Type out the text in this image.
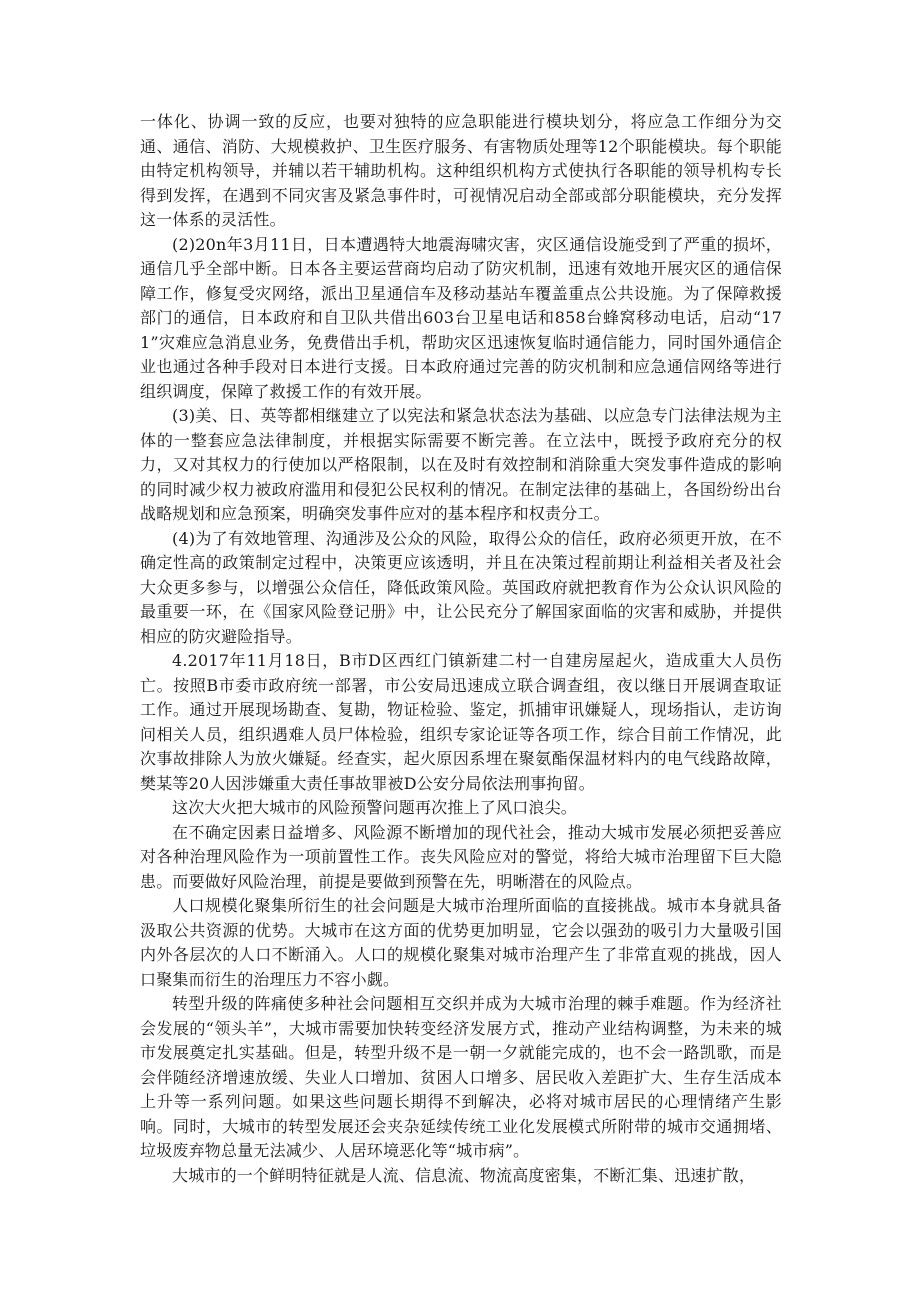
一体化、协调一致的反应，也要对独特的应急职能进行模块划分，将应急工作细分为交通、通信、消防、大规模救护、卫生医疗服务、有害物质处理等12个职能模块。每个职能由特定机构领导，并辅以若干辅助机构。这种组织机构方式使执行各职能的领导机构专长得到发挥，在遇到不同灾害及紧急事件时，可视情况启动全部或部分职能模块，充分发挥这一体系的灵活性。

(2)20n年3月11日，日本遭遇特大地震海啸灾害，灾区通信设施受到了严重的损坏，通信几乎全部中断。日本各主要运营商均启动了防灾机制，迅速有效地开展灾区的通信保障工作，修复受灾网络，派出卫星通信车及移动基站车覆盖重点公共设施。为了保障救援部门的通信，日本政府和自卫队共借出603台卫星电话和858台蜂窝移动电话，启动“171”灾难应急消息业务，免费借出手机，帮助灾区迅速恢复临时通信能力，同时国外通信企业也通过各种手段对日本进行支援。日本政府通过完善的防灾机制和应急通信网络等进行组织调度，保障了救援工作的有效开展。

(3)美、日、英等都相继建立了以宪法和紧急状态法为基础、以应急专门法律法规为主体的一整套应急法律制度，并根据实际需要不断完善。在立法中，既授予政府充分的权力，又对其权力的行使加以严格限制，以在及时有效控制和消除重大突发事件造成的影响的同时减少权力被政府滥用和侵犯公民权利的情况。在制定法律的基础上，各国纷纷出台战略规划和应急预案，明确突发事件应对的基本程序和权责分工。

(4)为了有效地管理、沟通涉及公众的风险，取得公众的信任，政府必须更开放，在不确定性高的政策制定过程中，决策更应该透明，并且在决策过程前期让利益相关者及社会大众更多参与，以增强公众信任，降低政策风险。英国政府就把教育作为公众认识风险的最重要一环，在《国家风险登记册》中，让公民充分了解国家面临的灾害和威胁，并提供相应的防灾避险指导。

4.2017年11月18日，B市D区西红门镇新建二村一自建房屋起火，造成重大人员伤亡。按照B市委市政府统一部署，市公安局迅速成立联合调查组，夜以继日开展调查取证工作。通过开展现场勘查、复勘，物证检验、鉴定，抓捕审讯嫌疑人，现场指认，走访询问相关人员，组织遇难人员尸体检验，组织专家论证等各项工作，综合目前工作情况，此次事故排除人为放火嫌疑。经查实，起火原因系埋在聚氨酯保温材料内的电气线路故障，樊某等20人因涉嫌重大责任事故罪被D公安分局依法刑事拘留。

这次大火把大城市的风险预警问题再次推上了风口浪尖。

在不确定因素日益增多、风险源不断增加的现代社会，推动大城市发展必须把妥善应对各种治理风险作为一项前置性工作。丧失风险应对的警觉，将给大城市治理留下巨大隐患。而要做好风险治理，前提是要做到预警在先，明晰潜在的风险点。

人口规模化聚集所衍生的社会问题是大城市治理所面临的直接挑战。城市本身就具备汲取公共资源的优势。大城市在这方面的优势更加明显，它会以强劲的吸引力大量吸引国内外各层次的人口不断涌入。人口的规模化聚集对城市治理产生了非常直观的挑战，因人口聚集而衍生的治理压力不容小觑。

转型升级的阵痛使多种社会问题相互交织并成为大城市治理的棘手难题。作为经济社会发展的“领头羊”，大城市需要加快转变经济发展方式，推动产业结构调整，为未来的城市发展奠定扎实基础。但是，转型升级不是一朝一夕就能完成的，也不会一路凯歌，而是会伴随经济增速放缓、失业人口增加、贫困人口增多、居民收入差距扩大、生存生活成本上升等一系列问题。如果这些问题长期得不到解决，必将对城市居民的心理情绪产生影响。同时，大城市的转型发展还会夹杂延续传统工业化发展模式所附带的城市交通拥堵、垃圾废弃物总量无法减少、人居环境恶化等“城市病”。

大城市的一个鲜明特征就是人流、信息流、物流高度密集，不断汇集、迅速扩散，
